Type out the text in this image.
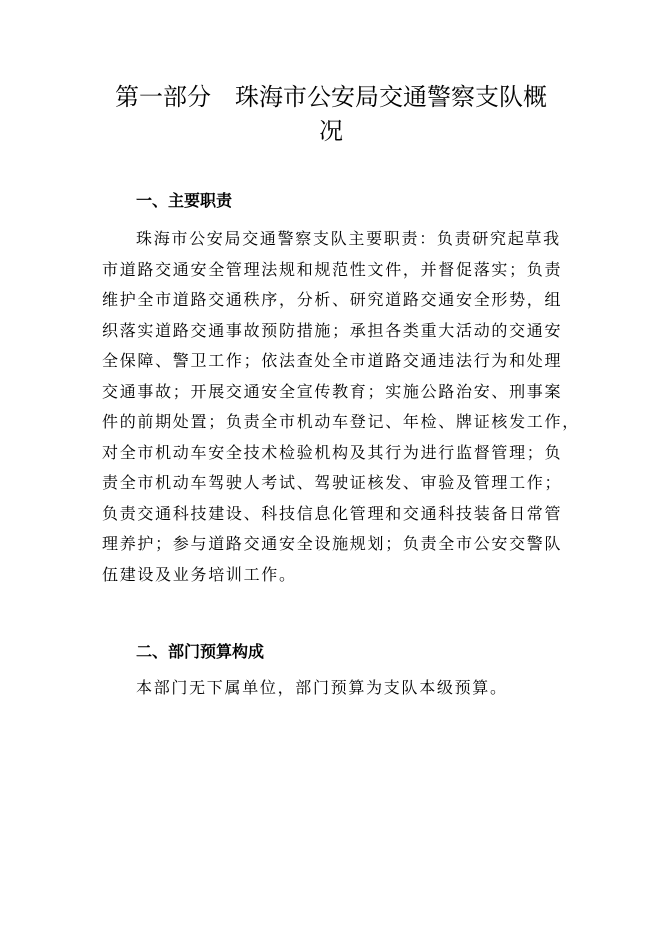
第一部分 珠海市公安局交通警察支队概
况
一、主要职责
珠海市公安局交通警察支队主要职责：负责研究起草我
市道路交通安全管理法规和规范性文件，并督促落实；负责
维护全市道路交通秩序，分析、研究道路交通安全形势，组
织落实道路交通事故预防措施；承担各类重大活动的交通安
全保障、警卫工作；依法查处全市道路交通违法行为和处理
交通事故；开展交通安全宣传教育；实施公路治安、刑事案
件的前期处置；负责全市机动车登记、年检、牌证核发工作，
对全市机动车安全技术检验机构及其行为进行监督管理；负
责全市机动车驾驶人考试、驾驶证核发、审验及管理工作；
负责交通科技建设、科技信息化管理和交通科技装备日常管
理养护；参与道路交通安全设施规划；负责全市公安交警队
伍建设及业务培训工作。
二、部门预算构成
本部门无下属单位，部门预算为支队本级预算。
